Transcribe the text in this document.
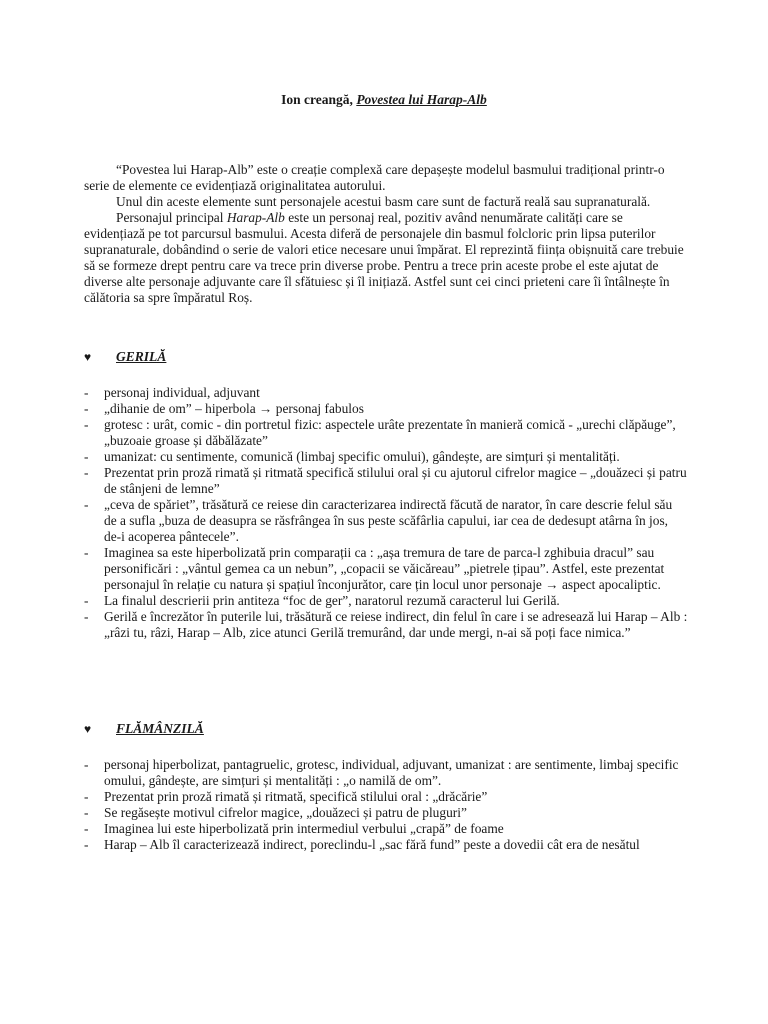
Ion creangă, Povestea lui Harap-Alb

“Povestea lui Harap-Alb” este o creație complexă care depașește modelul basmului tradițional printr-o serie de elemente ce evidențiază originalitatea autorului.

Unul din aceste elemente sunt personajele acestui basm care sunt de factură reală sau supranaturală.

Personajul principal Harap-Alb este un personaj real, pozitiv având nenumărate calități care se evidențiază pe tot parcursul basmului. Acesta diferă de personajele din basmul folcloric prin lipsa puterilor supranaturale, dobândind o serie de valori etice necesare unui împărat. El reprezintă ființa obișnuită care trebuie să se formeze drept pentru care va trece prin diverse probe. Pentru a trece prin aceste probe el este ajutat de diverse alte personaje adjuvante care îl sfătuiesc și îl inițiază. Astfel sunt cei cinci prieteni care îi întâlnește în călătoria sa spre împăratul Roș.

♥ GERILĂ
- personaj individual, adjuvant
- „dihanie de om” – hiperbola → personaj fabulos
- grotesc : urât, comic - din portretul fizic: aspectele urâte prezentate în manieră comică - „urechi clăpăuge”, „buzoaie groase și dăbălăzate”
- umanizat: cu sentimente, comunică (limbaj specific omului), gândește, are simțuri și mentalități.
- Prezentat prin proză rimată și ritmată specifică stilului oral și cu ajutorul cifrelor magice – „douăzeci și patru de stânjeni de lemne”
- „ceva de spăriet”, trăsătură ce reiese din caracterizarea indirectă făcută de narator, în care descrie felul său de a sufla „buza de deasupra se răsfrângea în sus peste scăfârlia capului, iar cea de dedesupt atârna în jos, de-i acoperea pântecele”.
- Imaginea sa este hiperbolizată prin comparații ca : „așa tremura de tare de parca-l zghibuia dracul” sau personificări : „vântul gemea ca un nebun”, „copacii se văicăreau” „pietrele țipau”. Astfel, este prezentat personajul în relație cu natura și spațiul înconjurător, care țin locul unor personaje → aspect apocaliptic.
- La finalul descrierii prin antiteza “foc de ger”, naratorul rezumă caracterul lui Gerilă.
- Gerilă e încrezător în puterile lui, trăsătură ce reiese indirect, din felul în care i se adresează lui Harap – Alb : „râzi tu, râzi, Harap – Alb, zice atunci Gerilă tremurând, dar unde mergi, n-ai să poți face nimica.”
♥ FLĂMÂNZILĂ
- personaj hiperbolizat, pantagruelic, grotesc, individual, adjuvant, umanizat : are sentimente, limbaj specific omului, gândește, are simțuri și mentalități : „o namilă de om”.
- Prezentat prin proză rimată și ritmată, specifică stilului oral : „drăcărie”
- Se regăsește motivul cifrelor magice, „douăzeci și patru de pluguri”
- Imaginea lui este hiperbolizată prin intermediul verbului „crapă” de foame
- Harap – Alb îl caracterizează indirect, poreclindu-l „sac fără fund” peste a dovedii cât era de nesătul
